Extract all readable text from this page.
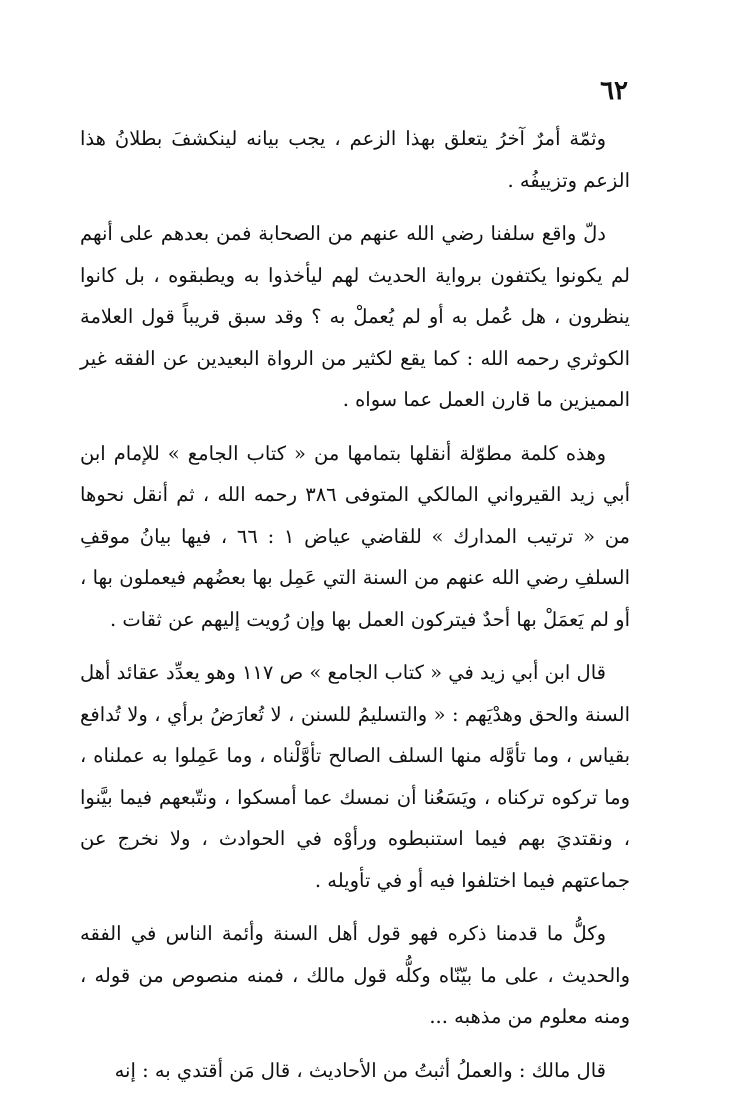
٦٢

وثمّة أمرٌ آخرُ يتعلق بهذا الزعم ، يجب بيانه لينكشفَ بطلانُ هذا الزعم وتزييفُه .

دلّ واقع سلفنا رضي الله عنهم من الصحابة فمن بعدهم على أنهم لم يكونوا يكتفون برواية الحديث لهم ليأخذوا به ويطبقوه ، بل كانوا ينظرون ، هل عُمل به أو لم يُعملْ به ؟ وقد سبق قريباً قول العلامة الكوثري رحمه الله : كما يقع لكثير من الرواة البعيدين عن الفقه غير المميزين ما قارن العمل عما سواه .

وهذه كلمة مطوّلة أنقلها بتمامها من « كتاب الجامع » للإمام ابن أبي زيد القيرواني المالكي المتوفى ٣٨٦ رحمه الله ، ثم أنقل نحوها من « ترتيب المدارك » للقاضي عياض ١ : ٦٦ ، فيها بيانُ موقفِ السلفِ رضي الله عنهم من السنة التي عَمِل بها بعضُهم فيعملون بها ، أو لم يَعمَلْ بها أحدٌ فيتركون العمل بها وإن رُويت إليهم عن ثقات .

قال ابن أبي زيد في « كتاب الجامع » ص ١١٧ وهو يعدِّد عقائد أهل السنة والحق وهدْيَهم : « والتسليمُ للسنن ، لا تُعارَضُ برأي ، ولا تُدافع بقياس ، وما تأوَّله منها السلف الصالح تأوَّلْناه ، وما عَمِلوا به عملناه ، وما تركوه تركناه ، ويَسَعُنا أن نمسك عما أمسكوا ، ونتّبعهم فيما بيَّنوا ، ونقتديَ بهم فيما استنبطوه ورأوْه في الحوادث ، ولا نخرج عن جماعتهم فيما اختلفوا فيه أو في تأويله .

وكلُّ ما قدمنا ذكره فهو قول أهل السنة وأئمة الناس في الفقه والحديث ، على ما بيّنّاه وكلُّه قول مالك ، فمنه منصوص من قوله ، ومنه معلوم من مذهبه ...

قال مالك : والعملُ أثبتُ من الأحاديث ، قال مَن أقتدي به : إنه
